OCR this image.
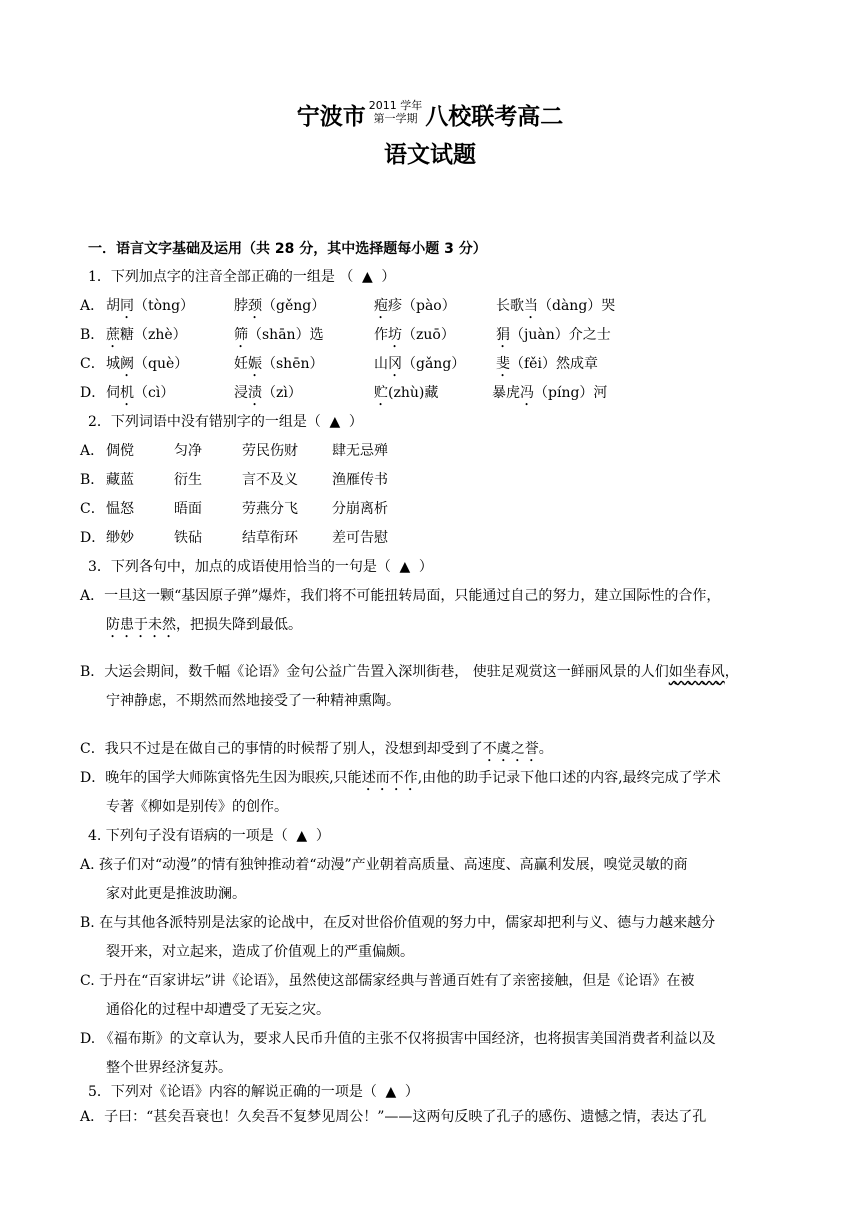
宁波市 2011 学年
第一学期 八校联考高二
语文试题
一．语言文字基础及运用（共 28 分，其中选择题每小题 3 分）
1．下列加点字的注音全部正确的一组是 （ ▲ ）
A． 胡同（tòng）	脖颈（gěng）	疱疹（pào）	长歌当（dàng）哭
B． 蔗糖（zhè）	筛（shān）选	作坊（zuō）	狷（juàn）介之士
C． 城阙（què）	妊娠（shēn）	山冈（gǎng） 斐（fěi）然成章
D． 伺机（cì）	浸渍（zì）	贮(zhù)藏	暴虎冯（píng）河
2．下列词语中没有错别字的一组是（ ▲ ）
A． 倜傥	匀净	劳民伤财 肆无忌殚
B． 藏蓝	衍生	言不及义 渔雁传书
C． 愠怒	晤面	劳燕分飞 分崩离析
D． 缈妙	铁砧	结草衔环 差可告慰
3．下列各句中，加点的成语使用恰当的一句是（ ▲ ）
A．一旦这一颗“基因原子弹”爆炸，我们将不可能扭转局面，只能通过自己的努力，建立国际性的合作，
防患于未然，把损失降到最低。
B．大运会期间，数千幅《论语》金句公益广告置入深圳街巷， 使驻足观赏这一鲜丽风景的人们如坐春风，
宁神静虑，不期然而然地接受了一种精神熏陶。
C．我只不过是在做自己的事情的时候帮了别人，没想到却受到了不虞之誉。
D．晚年的国学大师陈寅恪先生因为眼疾,只能述而不作,由他的助手记录下他口述的内容,最终完成了学术
专著《柳如是别传》的创作。
4. 下列句子没有语病的一项是（ ▲ ）
A. 孩子们对“动漫”的情有独钟推动着“动漫”产业朝着高质量、高速度、高赢利发展，嗅觉灵敏的商
家对此更是推波助澜。
B. 在与其他各派特别是法家的论战中，在反对世俗价值观的努力中，儒家却把利与义、德与力越来越分
裂开来，对立起来，造成了价值观上的严重偏颇。
C. 于丹在“百家讲坛”讲《论语》，虽然使这部儒家经典与普通百姓有了亲密接触，但是《论语》在被
通俗化的过程中却遭受了无妄之灾。
D. 《福布斯》的文章认为，要求人民币升值的主张不仅将损害中国经济，也将损害美国消费者利益以及
整个世界经济复苏。
5．下列对《论语》内容的解说正确的一项是（ ▲ ）
A．子曰：“甚矣吾衰也！久矣吾不复梦见周公！”——这两句反映了孔子的感伤、遗憾之情，表达了孔
